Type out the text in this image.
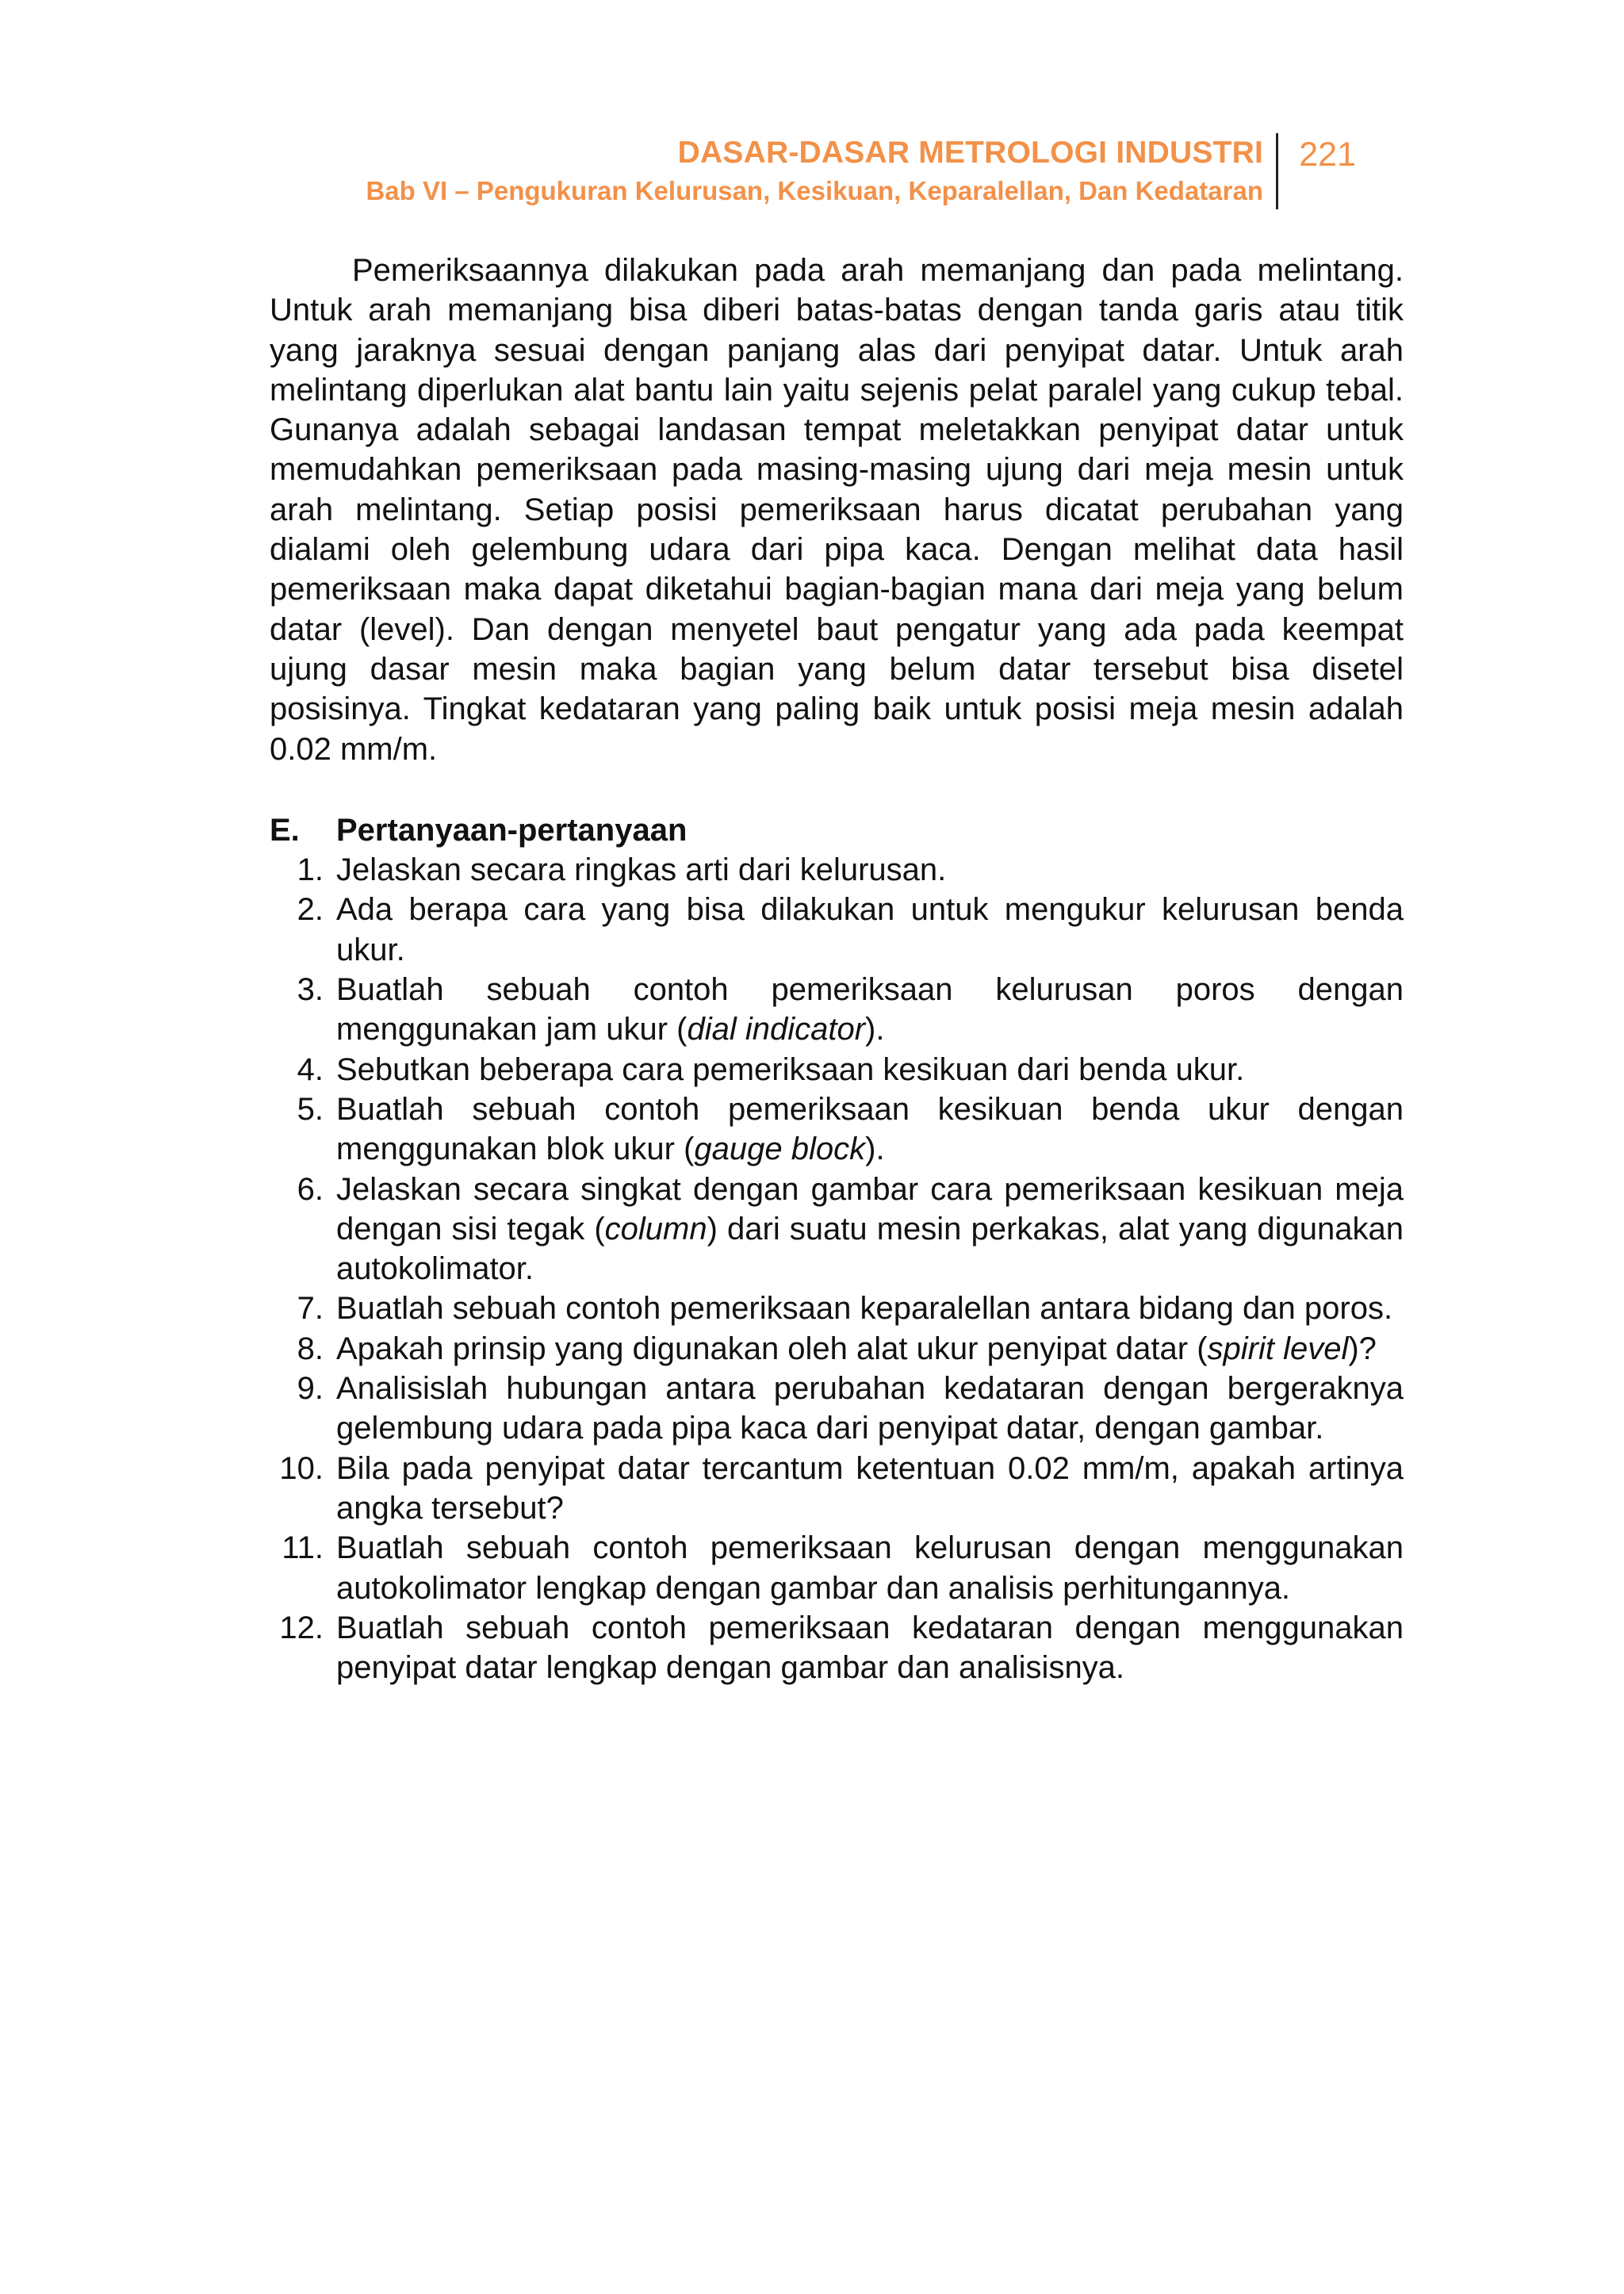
DASAR-DASAR METROLOGI INDUSTRI
Bab VI – Pengukuran Kelurusan, Kesikuan, Keparalellan, Dan Kedataran
221

Pemeriksaannya dilakukan pada arah memanjang dan pada melintang. Untuk arah memanjang bisa diberi batas-batas dengan tanda garis atau titik yang jaraknya sesuai dengan panjang alas dari penyipat datar. Untuk arah melintang diperlukan alat bantu lain yaitu sejenis pelat paralel yang cukup tebal. Gunanya adalah sebagai landasan tempat meletakkan penyipat datar untuk memudahkan pemeriksaan pada masing-masing ujung dari meja mesin untuk arah melintang. Setiap posisi pemeriksaan harus dicatat perubahan yang dialami oleh gelembung udara dari pipa kaca. Dengan melihat data hasil pemeriksaan maka dapat diketahui bagian-bagian mana dari meja yang belum datar (level). Dan dengan menyetel baut pengatur yang ada pada keempat ujung dasar mesin maka bagian yang belum datar tersebut bisa disetel posisinya. Tingkat kedataran yang paling baik untuk posisi meja mesin adalah 0.02 mm/m.

E. Pertanyaan-pertanyaan
1. Jelaskan secara ringkas arti dari kelurusan.
2. Ada berapa cara yang bisa dilakukan untuk mengukur kelurusan benda ukur.
3. Buatlah sebuah contoh pemeriksaan kelurusan poros dengan menggunakan jam ukur (dial indicator).
4. Sebutkan beberapa cara pemeriksaan kesikuan dari benda ukur.
5. Buatlah sebuah contoh pemeriksaan kesikuan benda ukur dengan menggunakan blok ukur (gauge block).
6. Jelaskan secara singkat dengan gambar cara pemeriksaan kesikuan meja dengan sisi tegak (column) dari suatu mesin perkakas, alat yang digunakan autokolimator.
7. Buatlah sebuah contoh pemeriksaan keparalellan antara bidang dan poros.
8. Apakah prinsip yang digunakan oleh alat ukur penyipat datar (spirit level)?
9. Analisislah hubungan antara perubahan kedataran dengan bergeraknya gelembung udara pada pipa kaca dari penyipat datar, dengan gambar.
10. Bila pada penyipat datar tercantum ketentuan 0.02 mm/m, apakah artinya angka tersebut?
11. Buatlah sebuah contoh pemeriksaan kelurusan dengan menggunakan autokolimator lengkap dengan gambar dan analisis perhitungannya.
12. Buatlah sebuah contoh pemeriksaan kedataran dengan menggunakan penyipat datar lengkap dengan gambar dan analisisnya.
